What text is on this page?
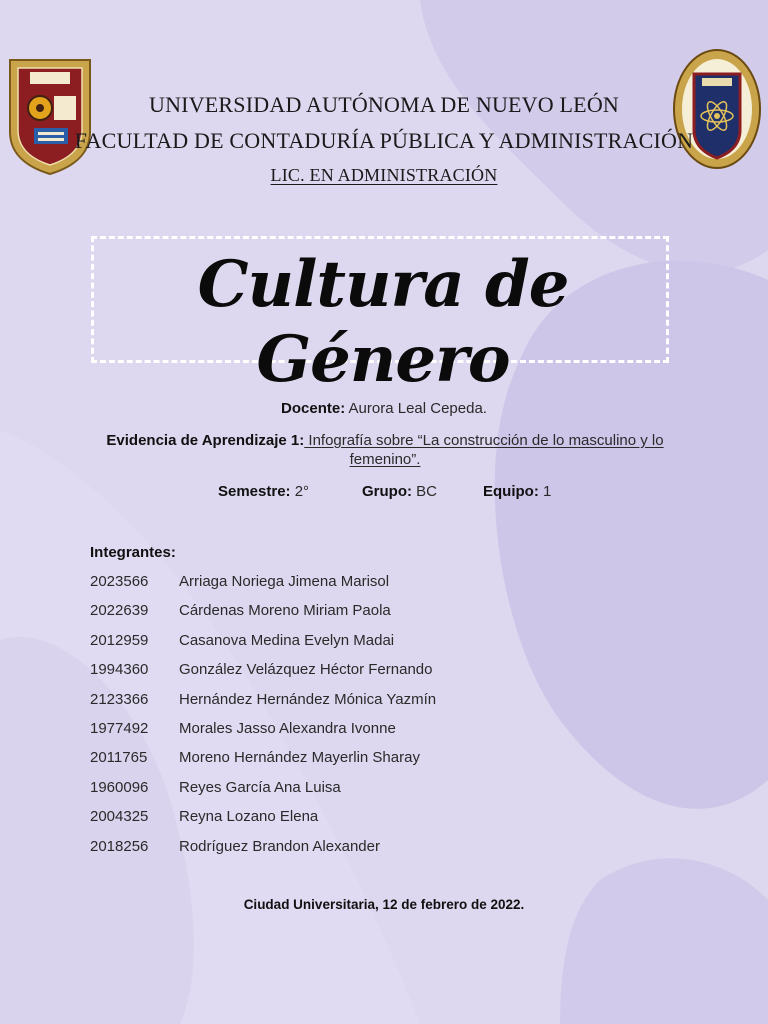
UNIVERSIDAD AUTÓNOMA DE NUEVO LEÓN
FACULTAD DE CONTADURÍA PÚBLICA Y ADMINISTRACIÓN
LIC. EN ADMINISTRACIÓN
Cultura de Género
Docente: Aurora Leal Cepeda.
Evidencia de Aprendizaje 1: Infografía sobre “La construcción de lo masculino y lo femenino”.
Semestre: 2°	Grupo: BC	Equipo: 1
Integrantes:
2023566 Arriaga Noriega Jimena Marisol
2022639 Cárdenas Moreno Miriam Paola
2012959 Casanova Medina Evelyn Madai
1994360 González Velázquez Héctor Fernando
2123366 Hernández Hernández Mónica Yazmín
1977492 Morales Jasso Alexandra Ivonne
2011765 Moreno Hernández Mayerlin Sharay
1960096 Reyes García Ana Luisa
2004325 Reyna Lozano Elena
2018256 Rodríguez Brandon Alexander
Ciudad Universitaria, 12 de febrero de 2022.
